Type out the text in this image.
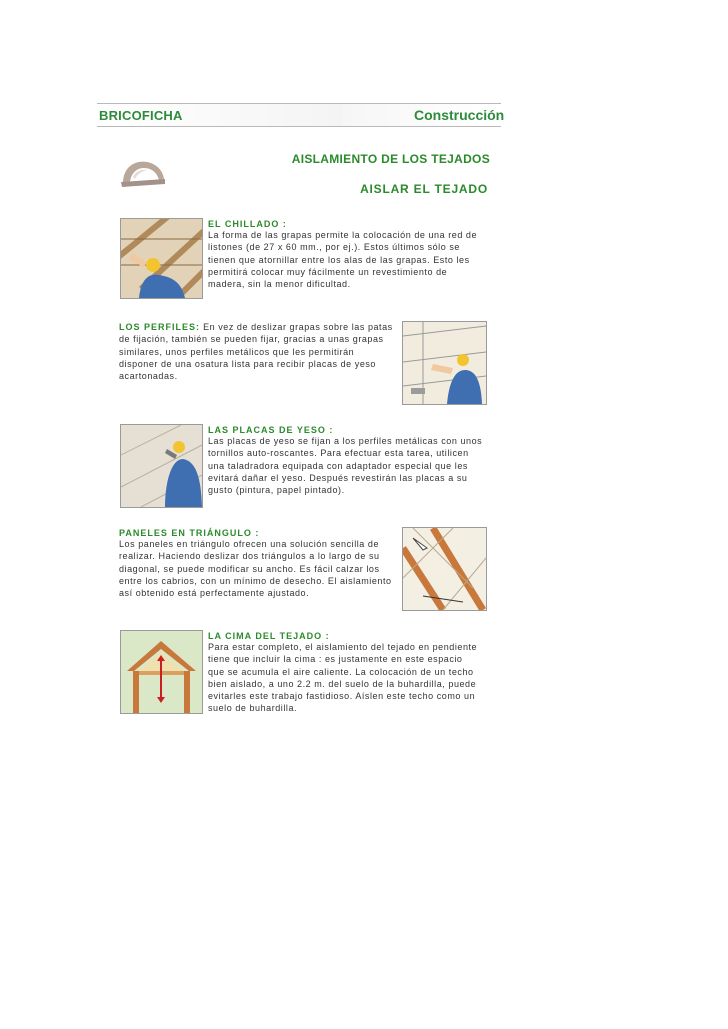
BRICOFICHA	Construcción
AISLAMIENTO DE LOS TEJADOS
AISLAR EL TEJADO
EL CHILLADO :
La forma de las grapas permite la colocación de una red de
listones (de 27 x 60 mm., por ej.). Estos últimos sólo se
tienen que atornillar entre los alas de las grapas. Esto les
permitirá colocar muy fácilmente un revestimiento de
madera, sin la menor dificultad.
LOS PERFILES: En vez de deslizar grapas sobre las patas
de fijación, también se pueden fijar, gracias a unas grapas
similares, unos perfiles metálicos que les permitirán
disponer de una osatura lista para recibir placas de yeso
acartonadas.
LAS PLACAS DE YESO :
Las placas de yeso se fijan a los perfiles metálicas con unos
tornillos auto-roscantes. Para efectuar esta tarea, utilicen
una taladradora equipada con adaptador especial que les
evitará dañar el yeso. Después revestirán las placas a su
gusto (pintura, papel pintado).
PANELES EN TRIÁNGULO :
Los paneles en triángulo ofrecen una solución sencilla de
realizar. Haciendo deslizar dos triángulos a lo largo de su
diagonal, se puede modificar su ancho. Es fácil calzar los
entre los cabrios, con un mínimo de desecho. El aislamiento
así obtenido está perfectamente ajustado.
LA CIMA DEL TEJADO :
Para estar completo, el aislamiento del tejado en pendiente
tiene que incluir la cima : es justamente en este espacio
que se acumula el aire caliente. La colocación de un techo
bien aislado, a uno 2.2 m. del suelo de la buhardilla, puede
evitarles este trabajo fastidioso. Aíslen este techo como un
suelo de buhardilla.
